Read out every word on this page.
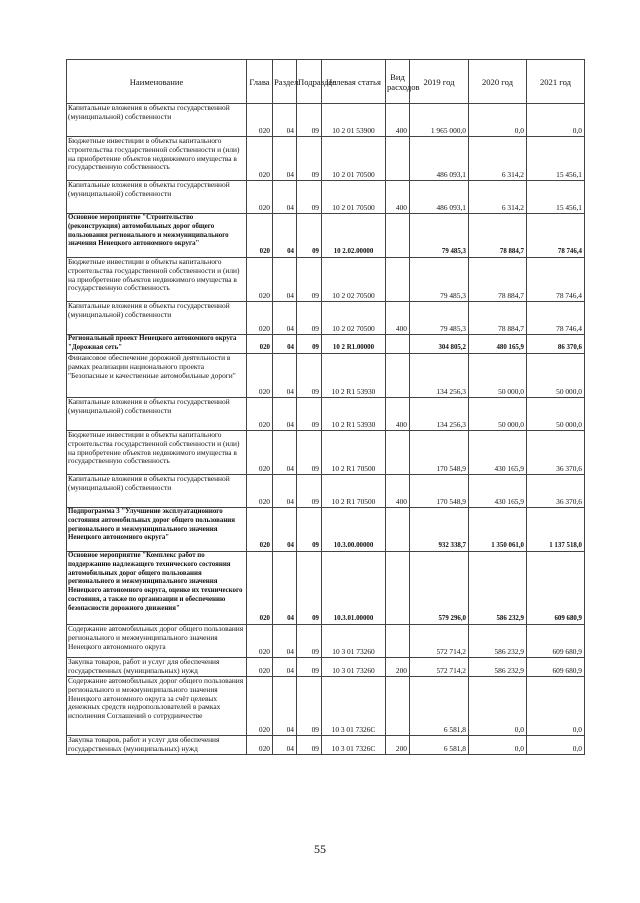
Наименование	Глава	Раздел	Подраздел	Целевая статья	Вид расходов	2019 год	2020 год	2021 год
Капитальные вложения в объекты государственной (муниципальной) собственности	020	04	09	10 2 01 53900	400	1 965 000,0	0,0	0,0
Бюджетные инвестиции в объекты капитального строительства государственной собственности и (или) на приобретение объектов недвижимого имущества в государственную собственность	020	04	09	10 2 01 70500		486 093,1	6 314,2	15 456,1
Капитальные вложения в объекты государственной (муниципальной) собственности	020	04	09	10 2 01 70500	400	486 093,1	6 314,2	15 456,1
Основное мероприятие "Строительство (реконструкция) автомобильных дорог общего пользования регионального и межмуниципального значения Ненецкого автономного округа"	020	04	09	10 2.02.00000		79 485,3	78 884,7	78 746,4
Бюджетные инвестиции в объекты капитального строительства государственной собственности и (или) на приобретение объектов недвижимого имущества в государственную собственность	020	04	09	10 2 02 70500		79 485,3	78 884,7	78 746,4
Капитальные вложения в объекты государственной (муниципальной) собственности	020	04	09	10 2 02 70500	400	79 485,3	78 884,7	78 746,4
Региональный проект Ненецкого автономного округа "Дорожная сеть"	020	04	09	10 2 R1.00000		304 805,2	480 165,9	86 370,6
Финансовое обеспечение дорожной деятельности в рамках реализации национального проекта "Безопасные и качественные автомобильные дороги"	020	04	09	10 2 R1 53930		134 256,3	50 000,0	50 000,0
Капитальные вложения в объекты государственной (муниципальной) собственности	020	04	09	10 2 R1 53930	400	134 256,3	50 000,0	50 000,0
Бюджетные инвестиции в объекты капитального строительства государственной собственности и (или) на приобретение объектов недвижимого имущества в государственную собственность	020	04	09	10 2 R1 70500		170 548,9	430 165,9	36 370,6
Капитальные вложения в объекты государственной (муниципальной) собственности	020	04	09	10 2 R1 70500	400	170 548,9	430 165,9	36 370,6
Подпрограмма 3 "Улучшение эксплуатационного состояния автомобильных дорог общего пользования регионального и межмуниципального значения Ненецкого автономного округа"	020	04	09	10.3.00.00000		932 338,7	1 350 061,0	1 137 518,0
Основное мероприятие "Комплекс работ по поддержанию надлежащего технического состояния автомобильных дорог общего пользования регионального и межмуниципального значения Ненецкого автономного округа, оценке их технического состояния, а также по организации и обеспечению безопасности дорожного движения"	020	04	09	10.3.01.00000		579 296,0	586 232,9	609 680,9
Содержание автомобильных дорог общего пользования регионального и межмуниципального значения Ненецкого автономного округа	020	04	09	10 3 01 73260		572 714,2	586 232,9	609 680,9
Закупка товаров, работ и услуг для обеспечения государственных (муниципальных) нужд	020	04	09	10 3 01 73260	200	572 714,2	586 232,9	609 680,9
Содержание автомобильных дорог общего пользования регионального и межмуниципального значения Ненецкого автономного округа за счёт целевых денежных средств недропользователей в рамках исполнения Соглашений о сотрудничестве	020	04	09	10 3 01 7326С		6 581,8	0,0	0,0
Закупка товаров, работ и услуг для обеспечения государственных (муниципальных) нужд	020	04	09	10 3 01 7326С	200	6 581,8	0,0	0,0
55
